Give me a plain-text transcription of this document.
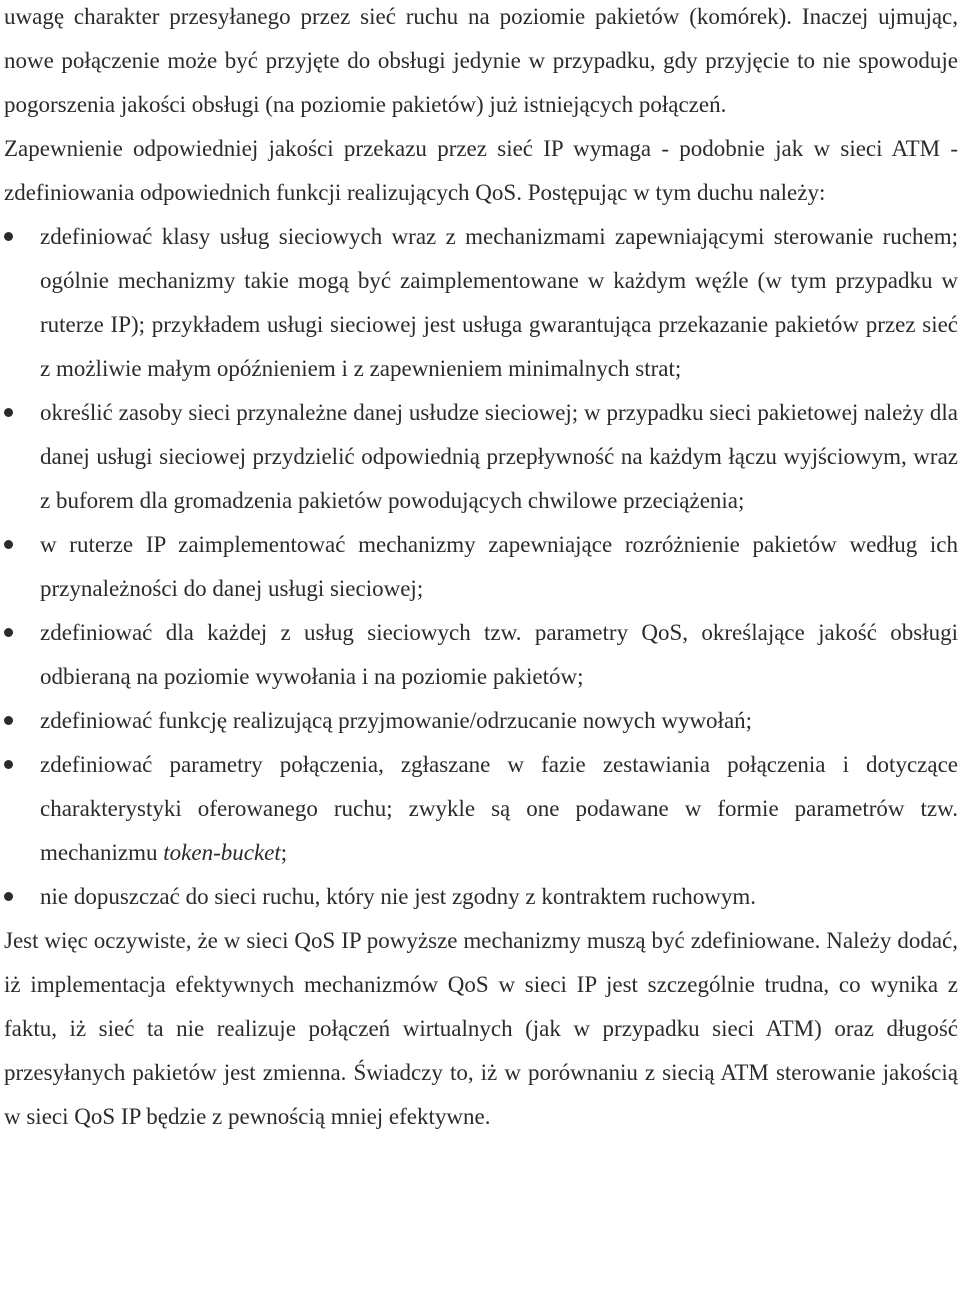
uwagę charakter przesyłanego przez sieć ruchu na poziomie pakietów (komórek). Inaczej ujmując, nowe połączenie może być przyjęte do obsługi jedynie w przypadku, gdy przyjęcie to nie spowoduje pogorszenia jakości obsługi (na poziomie pakietów) już istniejących połączeń.

Zapewnienie odpowiedniej jakości przekazu przez sieć IP wymaga - podobnie jak w sieci ATM - zdefiniowania odpowiednich funkcji realizujących QoS. Postępując w tym duchu należy:

zdefiniować klasy usług sieciowych wraz z mechanizmami zapewniającymi sterowanie ruchem; ogólnie mechanizmy takie mogą być zaimplementowane w każdym węźle (w tym przypadku w ruterze IP); przykładem usługi sieciowej jest usługa gwarantująca przekazanie pakietów przez sieć z możliwie małym opóźnieniem i z zapewnieniem minimalnych strat;
określić zasoby sieci przynależne danej usłudze sieciowej; w przypadku sieci pakietowej należy dla danej usługi sieciowej przydzielić odpowiednią przepływność na każdym łączu wyjściowym, wraz z buforem dla gromadzenia pakietów powodujących chwilowe przeciążenia;
w ruterze IP zaimplementować mechanizmy zapewniające rozróżnienie pakietów według ich przynależności do danej usługi sieciowej;
zdefiniować dla każdej z usług sieciowych tzw. parametry QoS, określające jakość obsługi odbieraną na poziomie wywołania i na poziomie pakietów;
zdefiniować funkcję realizującą przyjmowanie/odrzucanie nowych wywołań;
zdefiniować parametry połączenia, zgłaszane w fazie zestawiania połączenia i dotyczące charakterystyki oferowanego ruchu; zwykle są one podawane w formie parametrów tzw. mechanizmu token-bucket;
nie dopuszczać do sieci ruchu, który nie jest zgodny z kontraktem ruchowym.

Jest więc oczywiste, że w sieci QoS IP powyższe mechanizmy muszą być zdefiniowane. Należy dodać, iż implementacja efektywnych mechanizmów QoS w sieci IP jest szczególnie trudna, co wynika z faktu, iż sieć ta nie realizuje połączeń wirtualnych (jak w przypadku sieci ATM) oraz długość przesyłanych pakietów jest zmienna. Świadczy to, iż w porównaniu z siecią ATM sterowanie jakością w sieci QoS IP będzie z pewnością mniej efektywne.
